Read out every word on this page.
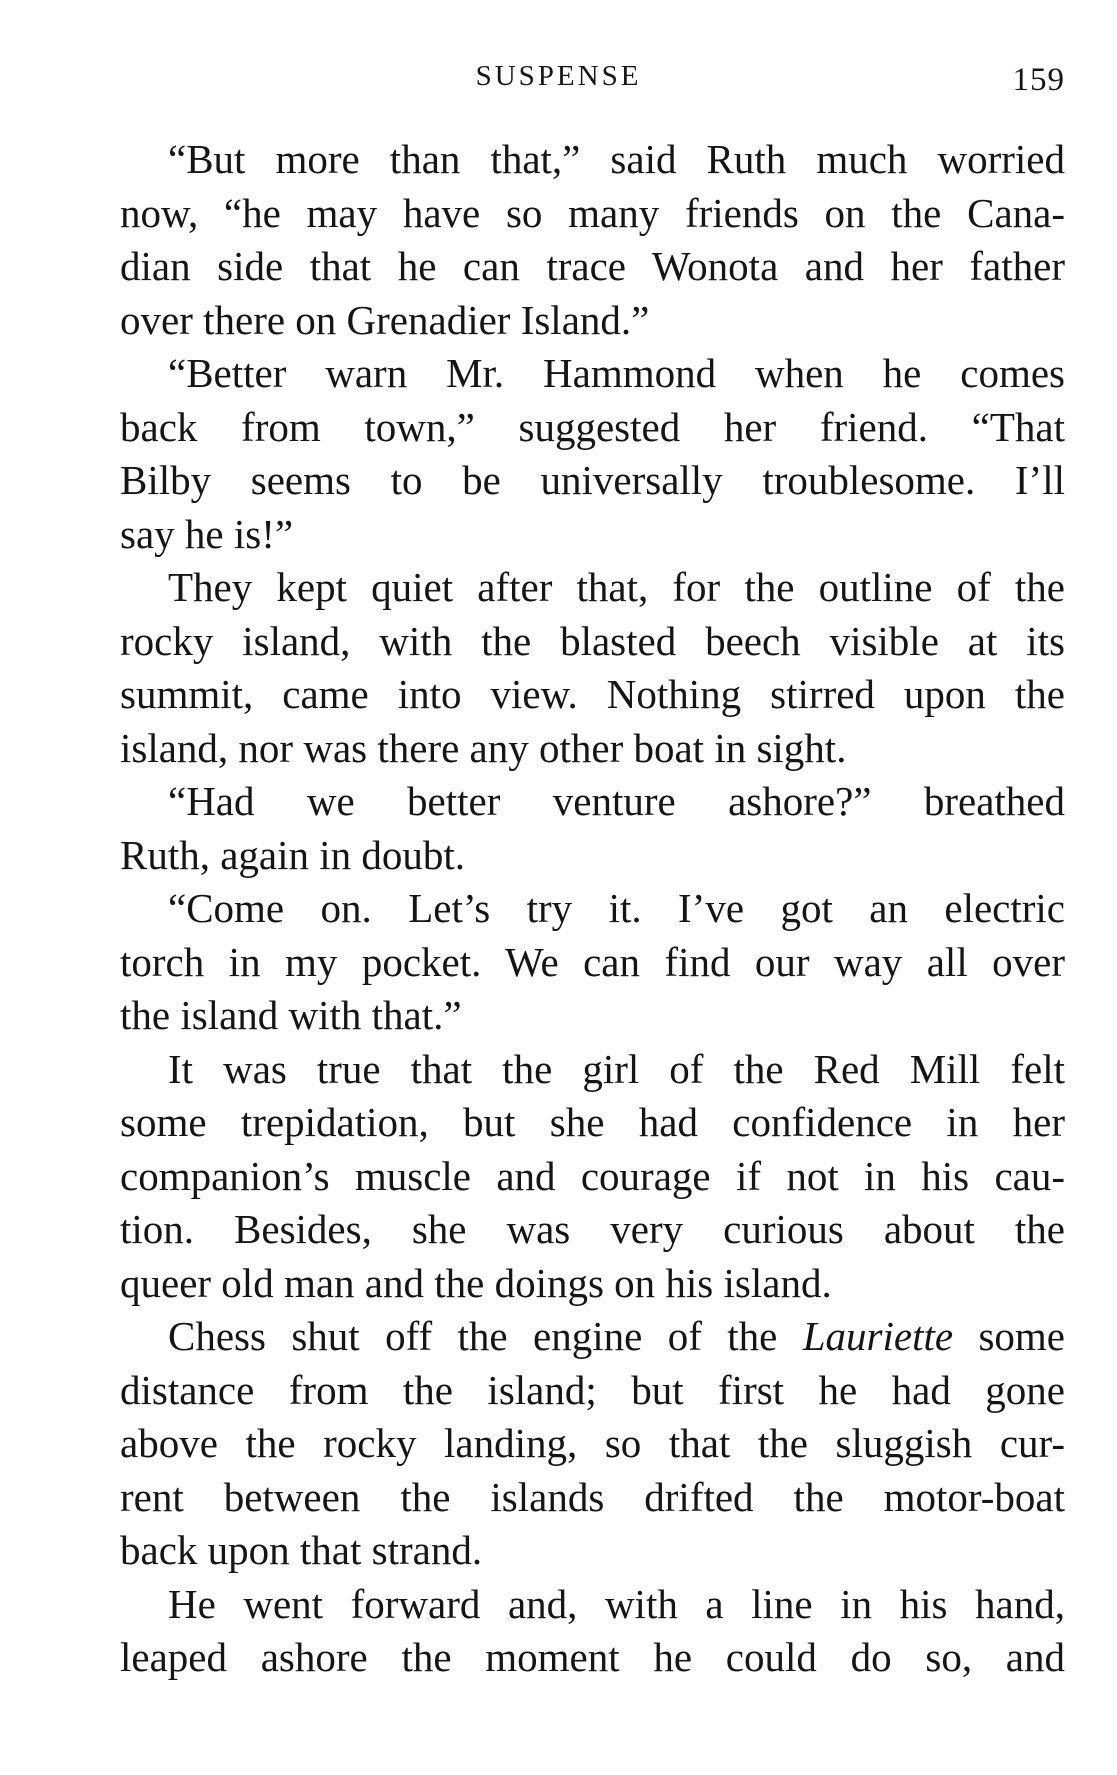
SUSPENSE	159

“But more than that,” said Ruth much worried
now, “he may have so many friends on the Cana-
dian side that he can trace Wonota and her father
over there on Grenadier Island.”

“Better warn Mr. Hammond when he comes
back from town,” suggested her friend. “That
Bilby seems to be universally troublesome. I’ll
say he is!”

They kept quiet after that, for the outline of the
rocky island, with the blasted beech visible at its
summit, came into view. Nothing stirred upon the
island, nor was there any other boat in sight.

“Had we better venture ashore?” breathed
Ruth, again in doubt.

“Come on. Let’s try it. I’ve got an electric
torch in my pocket. We can find our way all over
the island with that.”

It was true that the girl of the Red Mill felt
some trepidation, but she had confidence in her
companion’s muscle and courage if not in his cau-
tion. Besides, she was very curious about the
queer old man and the doings on his island.

Chess shut off the engine of the Lauriette some
distance from the island; but first he had gone
above the rocky landing, so that the sluggish cur-
rent between the islands drifted the motor-boat
back upon that strand.

He went forward and, with a line in his hand,
leaped ashore the moment he could do so, and
